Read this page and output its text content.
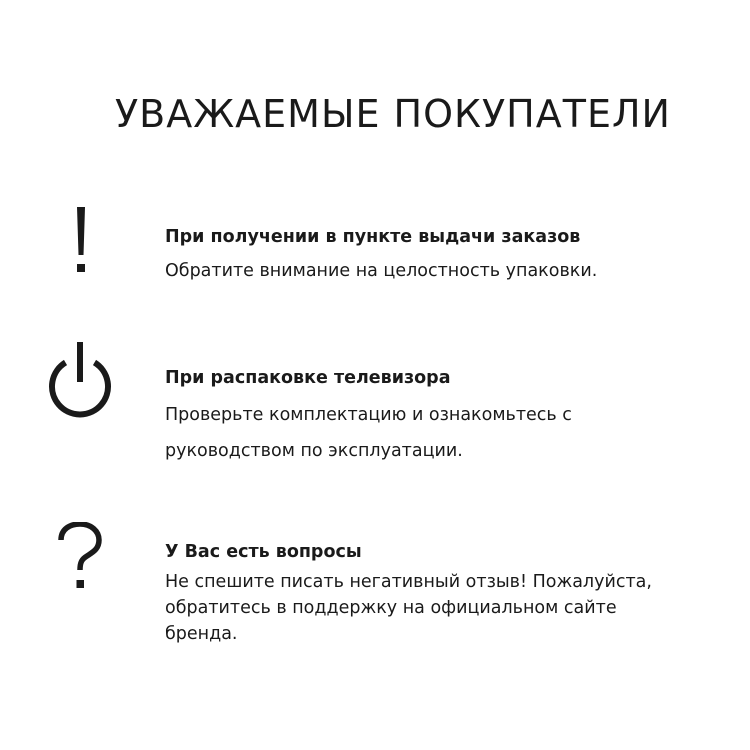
УВАЖАЕМЫЕ ПОКУПАТЕЛИ

При получении в пункте выдачи заказов

Обратите внимание на целостность упаковки.

При распаковке телевизора

Проверьте комплектацию и ознакомьтесь с
руководством по эксплуатации.

У Вас есть вопросы

Не спешите писать негативный отзыв! Пожалуйста,
обратитесь в поддержку на официальном сайте
бренда.
